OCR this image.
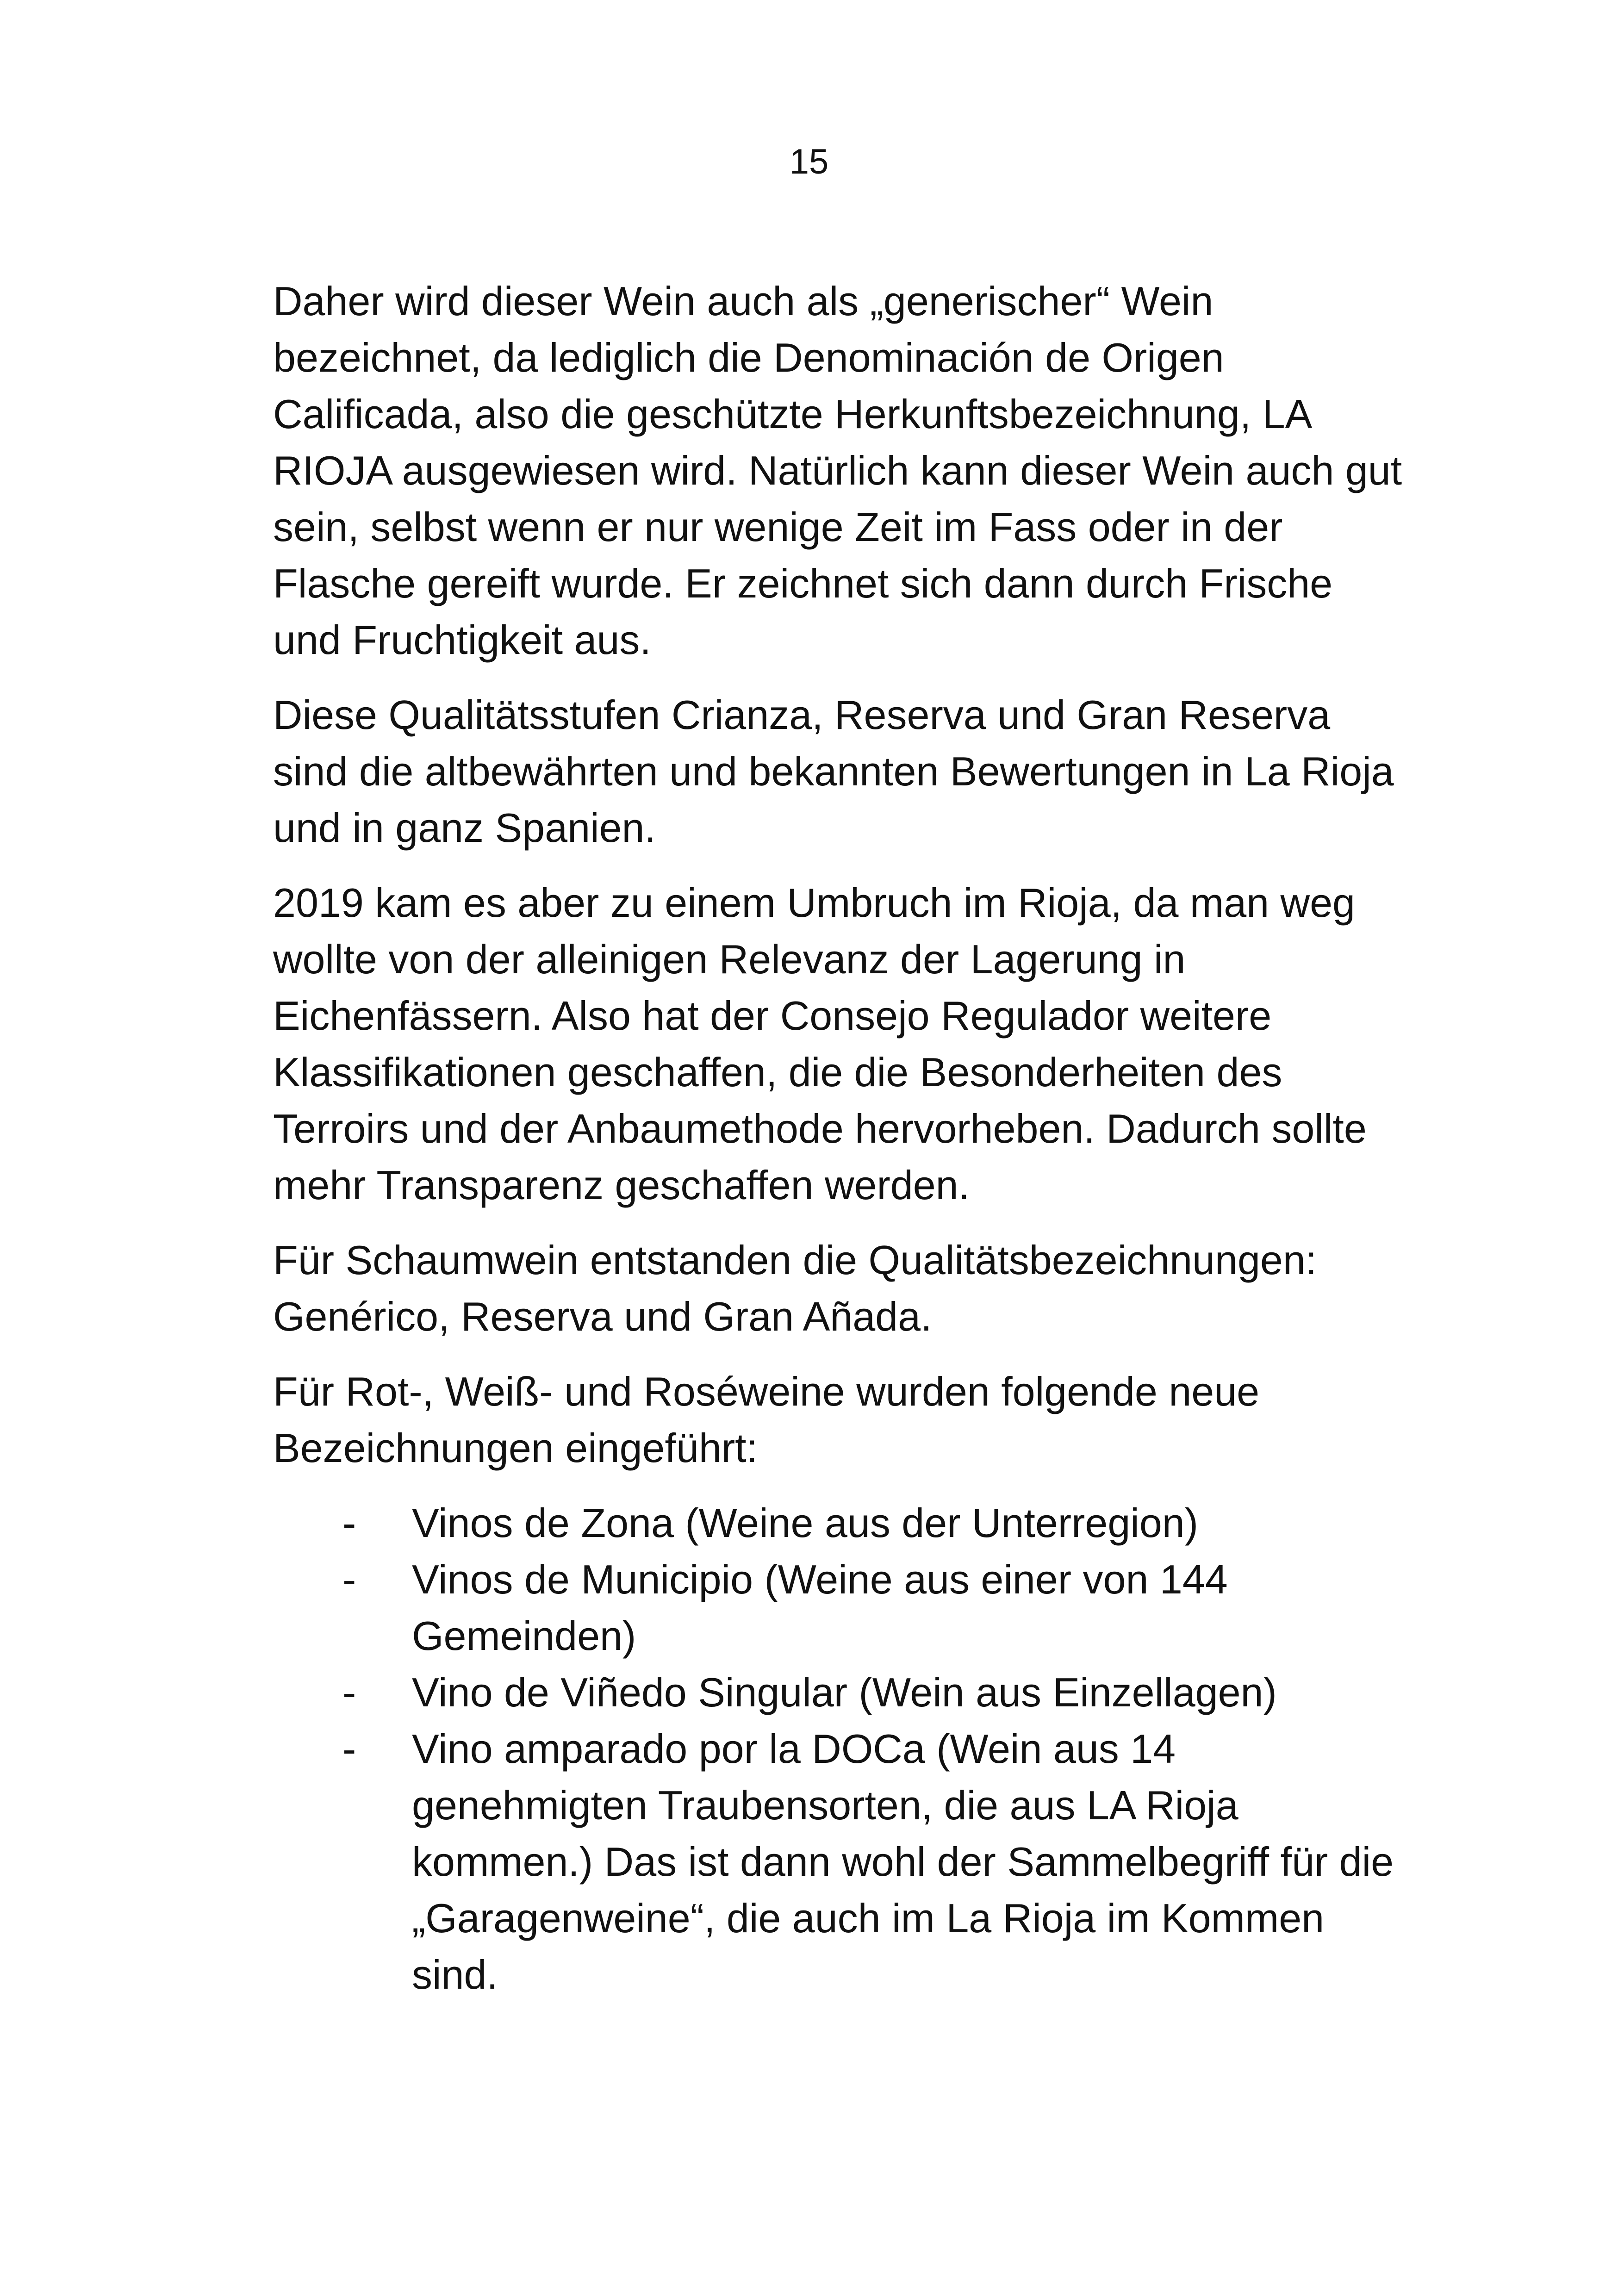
15

Daher wird dieser Wein auch als „generischer“ Wein bezeichnet, da lediglich die Denominación de Origen Calificada, also die geschützte Herkunftsbezeichnung, LA RIOJA ausgewiesen wird. Natürlich kann dieser Wein auch gut sein, selbst wenn er nur wenige Zeit im Fass oder in der Flasche gereift wurde. Er zeichnet sich dann durch Frische und Fruchtigkeit aus.

Diese Qualitätsstufen Crianza, Reserva und Gran Reserva sind die altbewährten und bekannten Bewertungen in La Rioja und in ganz Spanien.

2019 kam es aber zu einem Umbruch im Rioja, da man weg wollte von der alleinigen Relevanz der Lagerung in Eichenfässern. Also hat der Consejo Regulador weitere Klassifikationen geschaffen, die die Besonderheiten des Terroirs und der Anbaumethode hervorheben. Dadurch sollte mehr Transparenz geschaffen werden.

Für Schaumwein entstanden die Qualitätsbezeichnungen: Genérico, Reserva und Gran Añada.

Für Rot-, Weiß- und Roséweine wurden folgende neue Bezeichnungen eingeführt:

- Vinos de Zona (Weine aus der Unterregion)
- Vinos de Municipio (Weine aus einer von 144 Gemeinden)
- Vino de Viñedo Singular (Wein aus Einzellagen)
- Vino amparado por la DOCa (Wein aus 14 genehmigten Traubensorten, die aus LA Rioja kommen.) Das ist dann wohl der Sammelbegriff für die „Garagenweine“, die auch im La Rioja im Kommen sind.
